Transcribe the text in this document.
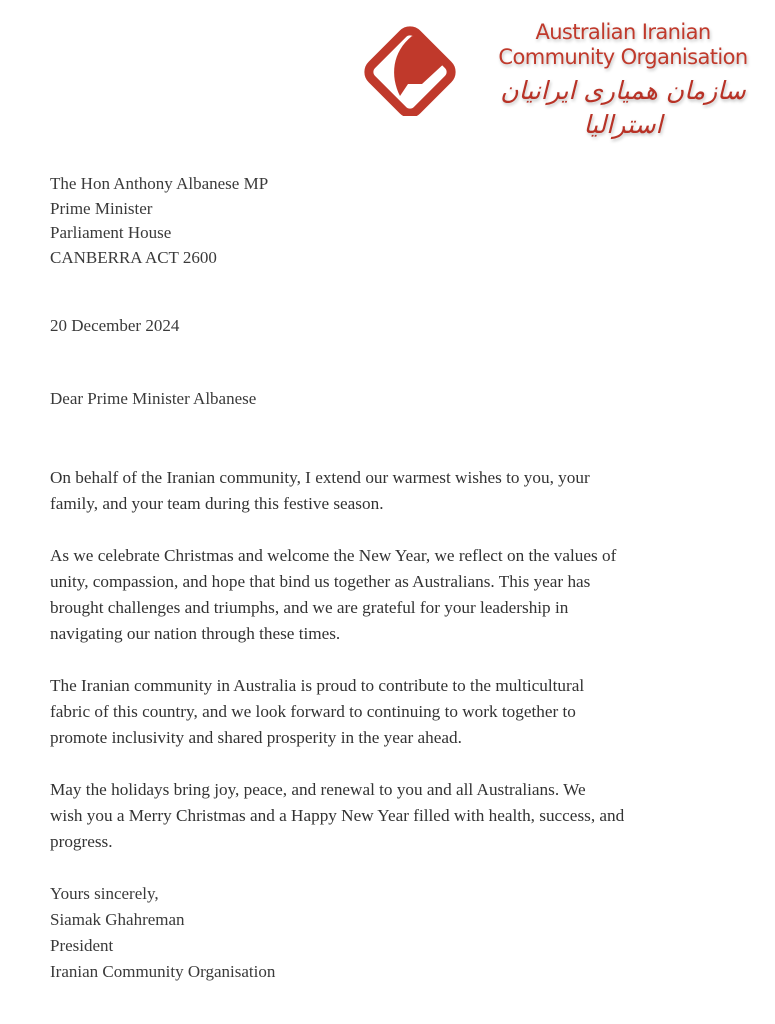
Australian Iranian
Community Organisation
سازمان همیاری ایرانیان استرالیا
The Hon Anthony Albanese MP
Prime Minister
Parliament House
CANBERRA ACT 2600
20 December 2024
Dear Prime Minister Albanese
On behalf of the Iranian community, I extend our warmest wishes to you, your
family, and your team during this festive season.
As we celebrate Christmas and welcome the New Year, we reflect on the values of
unity, compassion, and hope that bind us together as Australians. This year has
brought challenges and triumphs, and we are grateful for your leadership in
navigating our nation through these times.
The Iranian community in Australia is proud to contribute to the multicultural
fabric of this country, and we look forward to continuing to work together to
promote inclusivity and shared prosperity in the year ahead.
May the holidays bring joy, peace, and renewal to you and all Australians. We
wish you a Merry Christmas and a Happy New Year filled with health, success, and
progress.
Yours sincerely,
Siamak Ghahreman
President
Iranian Community Organisation
